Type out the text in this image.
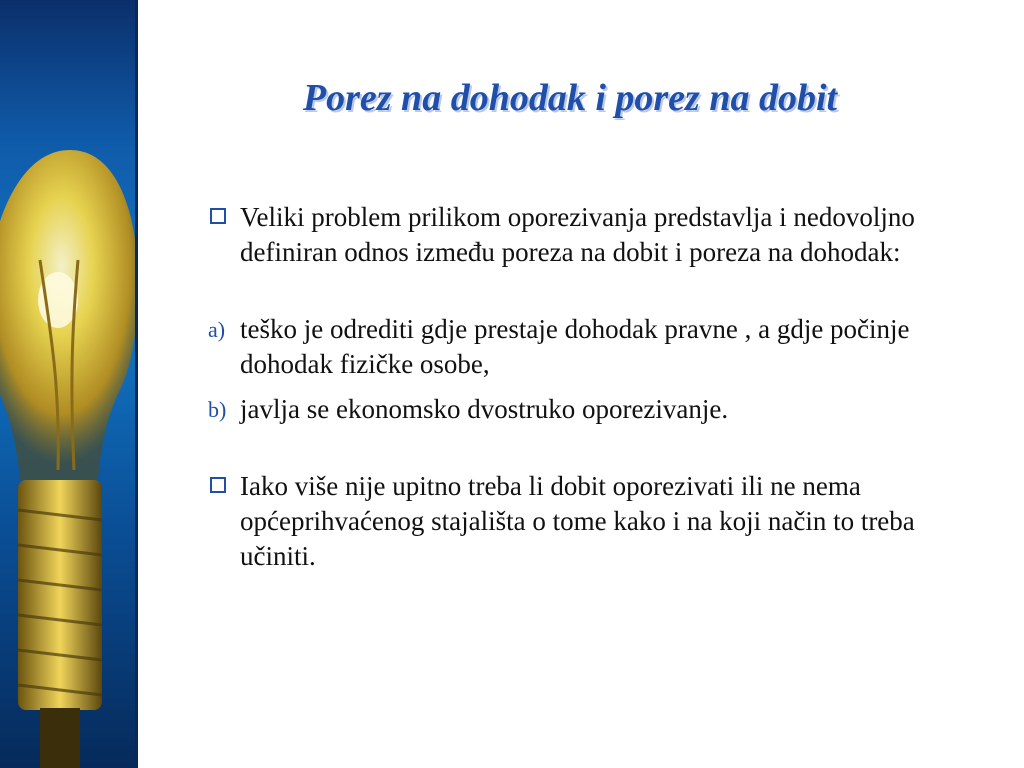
Porez na dohodak i porez na dobit
Veliki problem prilikom oporezivanja predstavlja i nedovoljno definiran odnos između poreza na dobit i poreza na dohodak:
a) teško je odrediti gdje prestaje dohodak pravne , a gdje počinje dohodak fizičke osobe,
b) javlja se ekonomsko dvostruko oporezivanje.
Iako više nije upitno treba li dobit oporezivati ili ne nema općeprihvaćenog stajališta o tome kako i na koji način to treba učiniti.
